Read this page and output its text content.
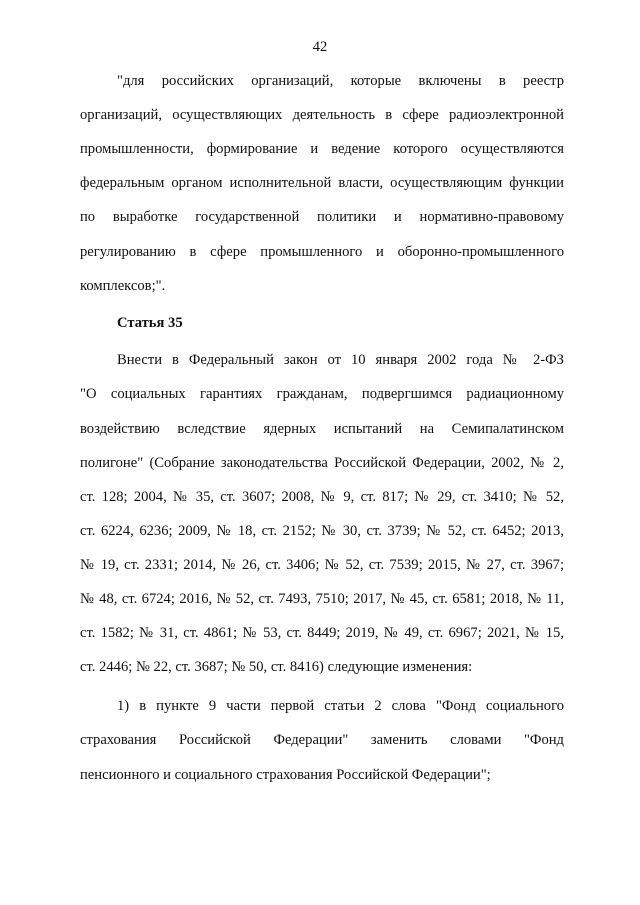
42
"для российских организаций, которые включены в реестр
организаций, осуществляющих деятельность в сфере радиоэлектронной
промышленности, формирование и ведение которого осуществляются
федеральным органом исполнительной власти, осуществляющим функции
по выработке государственной политики и нормативно-правовому
регулированию в сфере промышленного и оборонно-промышленного
комплексов;".
Статья 35
Внести в Федеральный закон от 10 января 2002 года № 2-ФЗ
"О социальных гарантиях гражданам, подвергшимся радиационному
воздействию вследствие ядерных испытаний на Семипалатинском
полигоне" (Собрание законодательства Российской Федерации, 2002, № 2,
ст. 128; 2004, № 35, ст. 3607; 2008, № 9, ст. 817; № 29, ст. 3410; № 52,
ст. 6224, 6236; 2009, № 18, ст. 2152; № 30, ст. 3739; № 52, ст. 6452; 2013,
№ 19, ст. 2331; 2014, № 26, ст. 3406; № 52, ст. 7539; 2015, № 27, ст. 3967;
№ 48, ст. 6724; 2016, № 52, ст. 7493, 7510; 2017, № 45, ст. 6581; 2018, № 11,
ст. 1582; № 31, ст. 4861; № 53, ст. 8449; 2019, № 49, ст. 6967; 2021, № 15,
ст. 2446; № 22, ст. 3687; № 50, ст. 8416) следующие изменения:
1) в пункте 9 части первой статьи 2 слова "Фонд социального
страхования Российской Федерации" заменить словами "Фонд
пенсионного и социального страхования Российской Федерации";
